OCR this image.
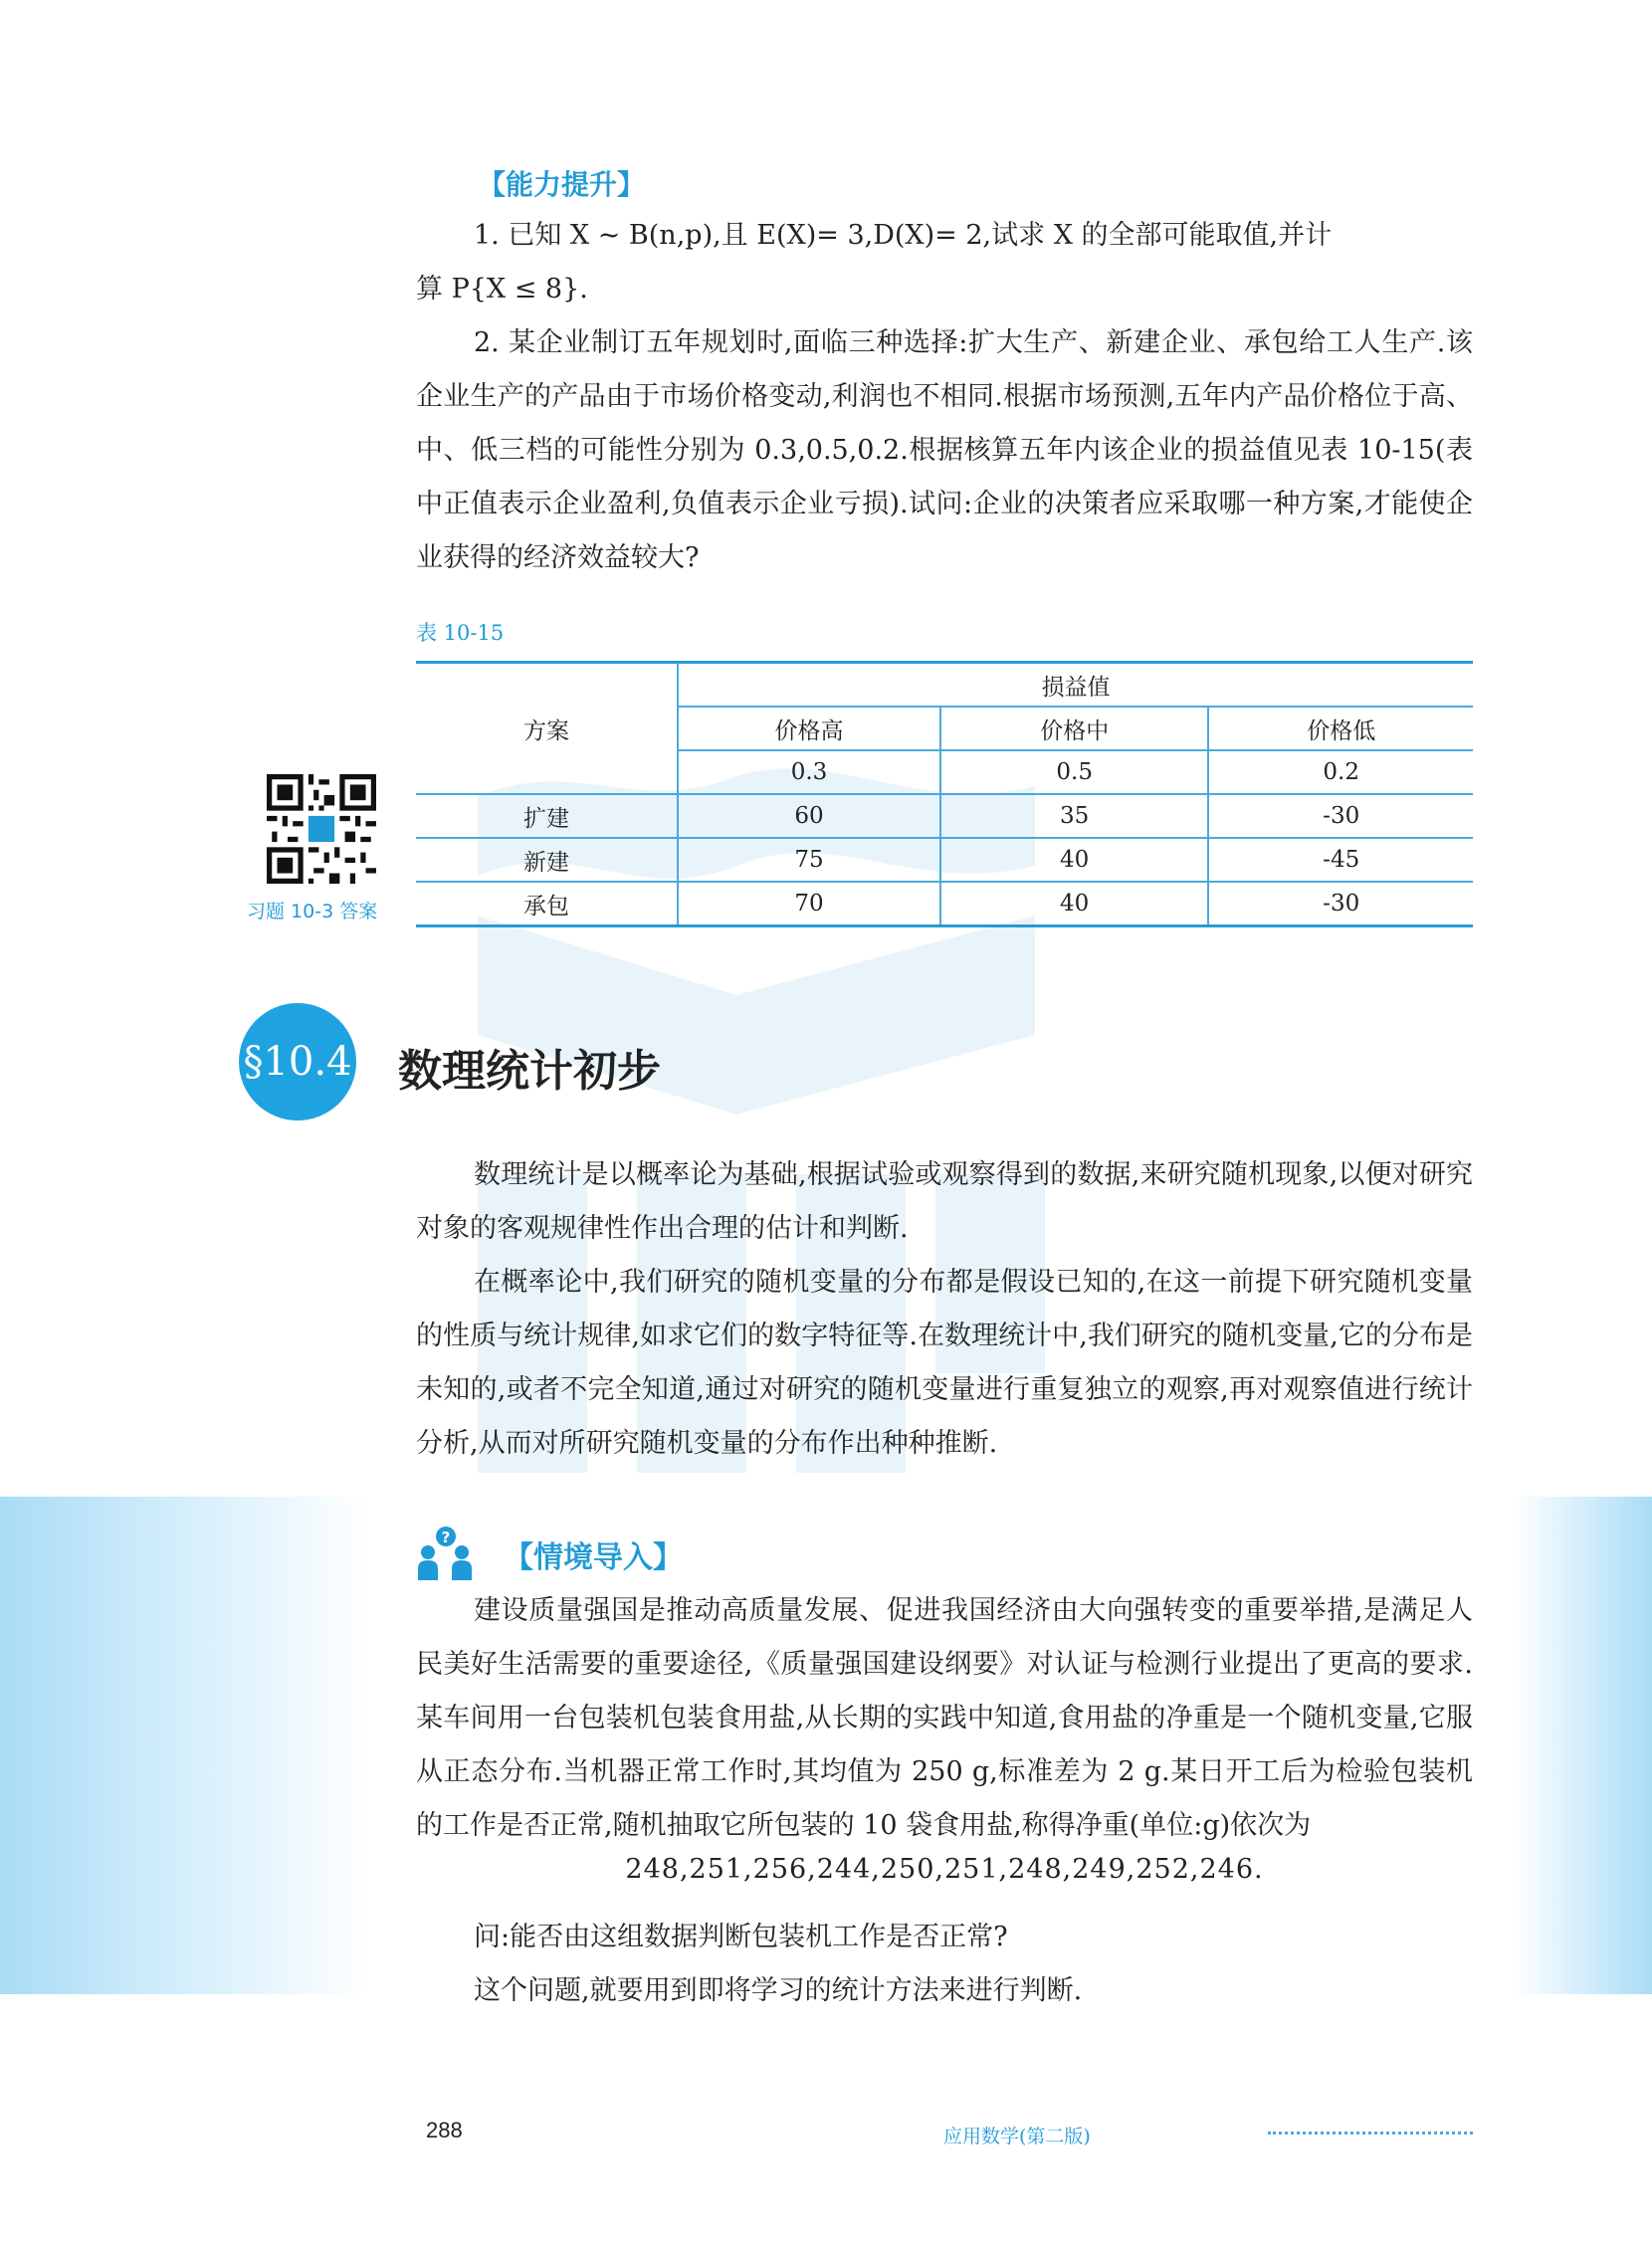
【能力提升】

1. 已知 X ~ B(n,p),且 E(X)= 3,D(X)= 2,试求 X 的全部可能取值,并计

算 P{X ≤ 8}.

2. 某企业制订五年规划时,面临三种选择:扩大生产、新建企业、承包给工人生产.该企业生产的产品由于市场价格变动,利润也不相同.根据市场预测,五年内产品价格位于高、中、低三档的可能性分别为 0.3,0.5,0.2.根据核算五年内该企业的损益值见表 10-15(表中正值表示企业盈利,负值表示企业亏损).试问:企业的决策者应采取哪一种方案,才能使企业获得的经济效益较大?

表 10-15
方案	损益值		
	价格高	价格中	价格低
	0.3	0.5	0.2
扩建	60	35	-30
新建	75	40	-45
承包	70	40	-30
习题 10-3 答案
§10.4 数理统计初步

数理统计是以概率论为基础,根据试验或观察得到的数据,来研究随机现象,以便对研究对象的客观规律性作出合理的估计和判断.

在概率论中,我们研究的随机变量的分布都是假设已知的,在这一前提下研究随机变量的性质与统计规律,如求它们的数字特征等.在数理统计中,我们研究的随机变量,它的分布是未知的,或者不完全知道,通过对研究的随机变量进行重复独立的观察,再对观察值进行统计分析,从而对所研究随机变量的分布作出种种推断.

?
【情境导入】

建设质量强国是推动高质量发展、促进我国经济由大向强转变的重要举措,是满足人民美好生活需要的重要途径,《质量强国建设纲要》对认证与检测行业提出了更高的要求.某车间用一台包装机包装食用盐,从长期的实践中知道,食用盐的净重是一个随机变量,它服从正态分布.当机器正常工作时,其均值为 250 g,标准差为 2 g.某日开工后为检验包装机的工作是否正常,随机抽取它所包装的 10 袋食用盐,称得净重(单位:g)依次为

248,251,256,244,250,251,248,249,252,246.

问:能否由这组数据判断包装机工作是否正常?

这个问题,就要用到即将学习的统计方法来进行判断.

288	应用数学(第二版)
